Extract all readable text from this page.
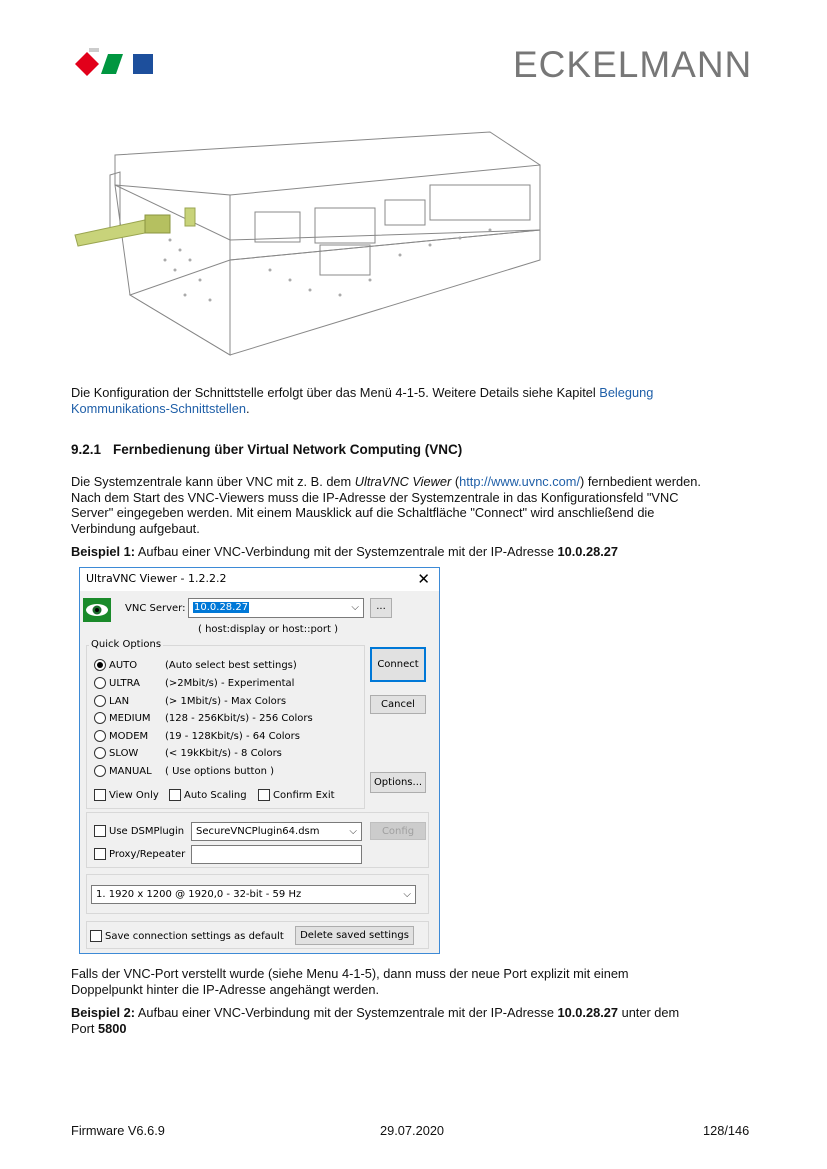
ECKELMANN
Die Konfiguration der Schnittstelle erfolgt über das Menü 4-1-5. Weitere Details siehe Kapitel Belegung
Kommunikations-Schnittstellen.
9.2.1 Fernbedienung über Virtual Network Computing (VNC)
Die Systemzentrale kann über VNC mit z. B. dem UltraVNC Viewer (http://www.uvnc.com/) fernbedient werden.
Nach dem Start des VNC-Viewers muss die IP-Adresse der Systemzentrale in das Konfigurationsfeld "VNC
Server" eingegeben werden. Mit einem Mausklick auf die Schaltfläche "Connect" wird anschließend die
Verbindung aufgebaut.
Beispiel 1: Aufbau einer VNC-Verbindung mit der Systemzentrale mit der IP-Adresse 10.0.28.27
UltraVNC Viewer - 1.2.2.2	✕
VNC Server: 10.0.28.27	⌵	...
( host:display or host::port )
Quick Options
AUTO	(Auto select best settings)
ULTRA	(>2Mbit/s) - Experimental
LAN	(> 1Mbit/s) - Max Colors
MEDIUM	(128 - 256Kbit/s) - 256 Colors
MODEM	(19 - 128Kbit/s) - 64 Colors
SLOW	(< 19kKbit/s) - 8 Colors
MANUAL	( Use options button )
View Only	Auto Scaling	Confirm Exit
Connect
Cancel
Options...
Use DSMPlugin	SecureVNCPlugin64.dsm	⌵	Config
Proxy/Repeater
1. 1920 x 1200 @ 1920,0 - 32-bit - 59 Hz	⌵
Save connection settings as default	Delete saved settings
Falls der VNC-Port verstellt wurde (siehe Menu 4-1-5), dann muss der neue Port explizit mit einem
Doppelpunkt hinter die IP-Adresse angehängt werden.
Beispiel 2: Aufbau einer VNC-Verbindung mit der Systemzentrale mit der IP-Adresse 10.0.28.27 unter dem
Port 5800
Firmware V6.6.9	29.07.2020	128/146
